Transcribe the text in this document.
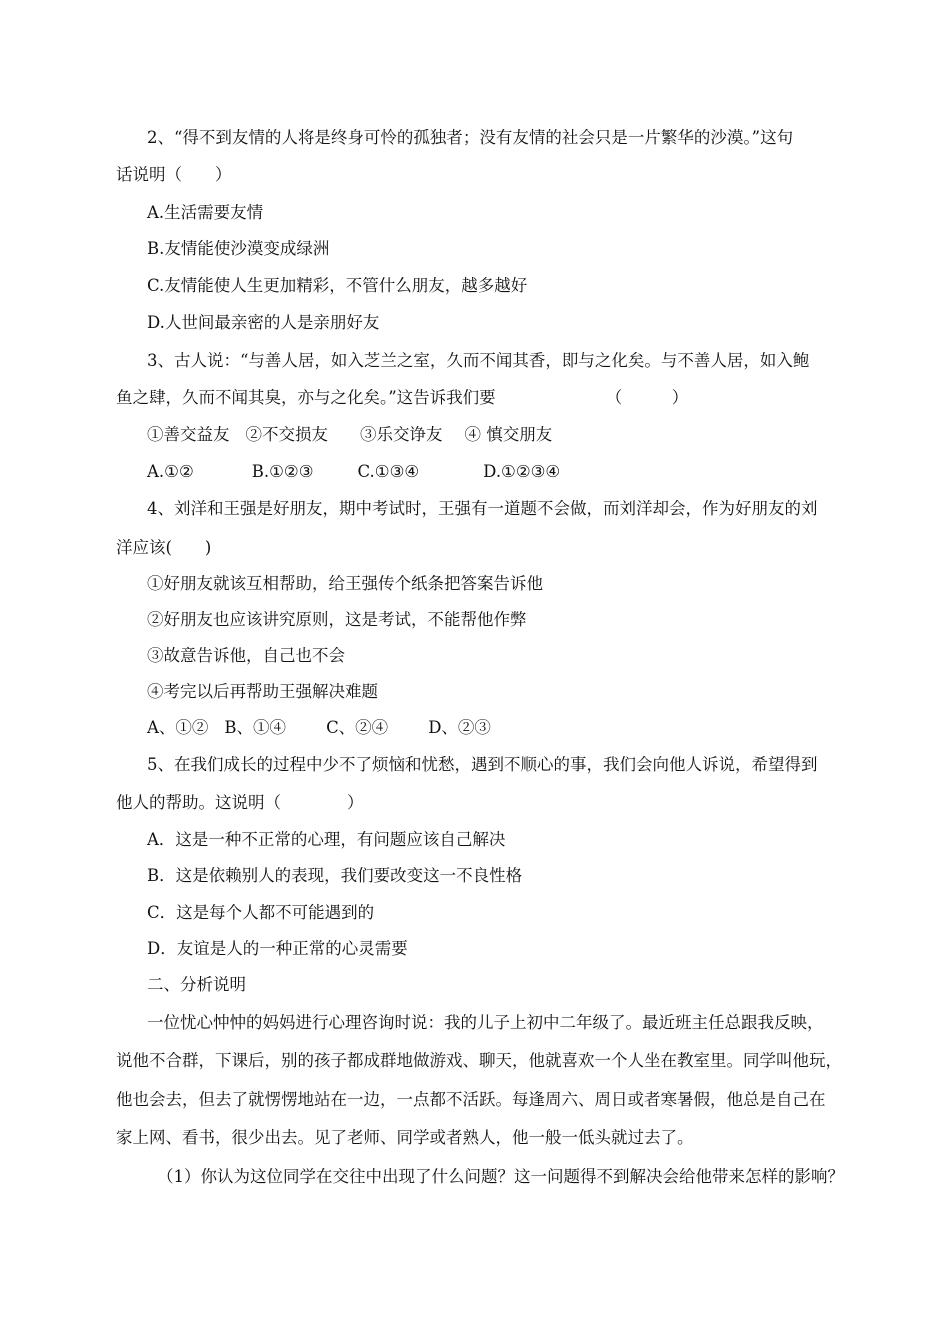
2、“得不到友情的人将是终身可怜的孤独者；没有友情的社会只是一片繁华的沙漠。”这句
话说明（　　）
A.生活需要友情
B.友情能使沙漠变成绿洲
C.友情能使人生更加精彩，不管什么朋友，越多越好
D.人世间最亲密的人是亲朋好友
3、古人说：“与善人居，如入芝兰之室，久而不闻其香，即与之化矣。与不善人居，如入鲍
鱼之肆，久而不闻其臭，亦与之化矣。”这告诉我们要	（　　　）
①善交益友 ②不交损友 ③乐交诤友 ④ 慎交朋友
A.①②	B.①②③	C.①③④	D.①②③④
4、刘洋和王强是好朋友，期中考试时，王强有一道题不会做，而刘洋却会，作为好朋友的刘
洋应该(　　)
①好朋友就该互相帮助，给王强传个纸条把答案告诉他
②好朋友也应该讲究原则，这是考试，不能帮他作弊
③故意告诉他，自己也不会
④考完以后再帮助王强解决难题
A、①② B、①④ C、②④ D、②③
5、在我们成长的过程中少不了烦恼和忧愁，遇到不顺心的事，我们会向他人诉说，希望得到
他人的帮助。这说明（　　　　）
A．这是一种不正常的心理，有问题应该自己解决
B．这是依赖别人的表现，我们要改变这一不良性格
C．这是每个人都不可能遇到的
D．友谊是人的一种正常的心灵需要
二、分析说明
一位忧心忡忡的妈妈进行心理咨询时说：我的儿子上初中二年级了。最近班主任总跟我反映，
说他不合群，下课后，别的孩子都成群地做游戏、聊天，他就喜欢一个人坐在教室里。同学叫他玩，
他也会去，但去了就愣愣地站在一边，一点都不活跃。每逢周六、周日或者寒暑假，他总是自己在
家上网、看书，很少出去。见了老师、同学或者熟人，他一般一低头就过去了。
（1）你认为这位同学在交往中出现了什么问题？这一问题得不到解决会给他带来怎样的影响？
